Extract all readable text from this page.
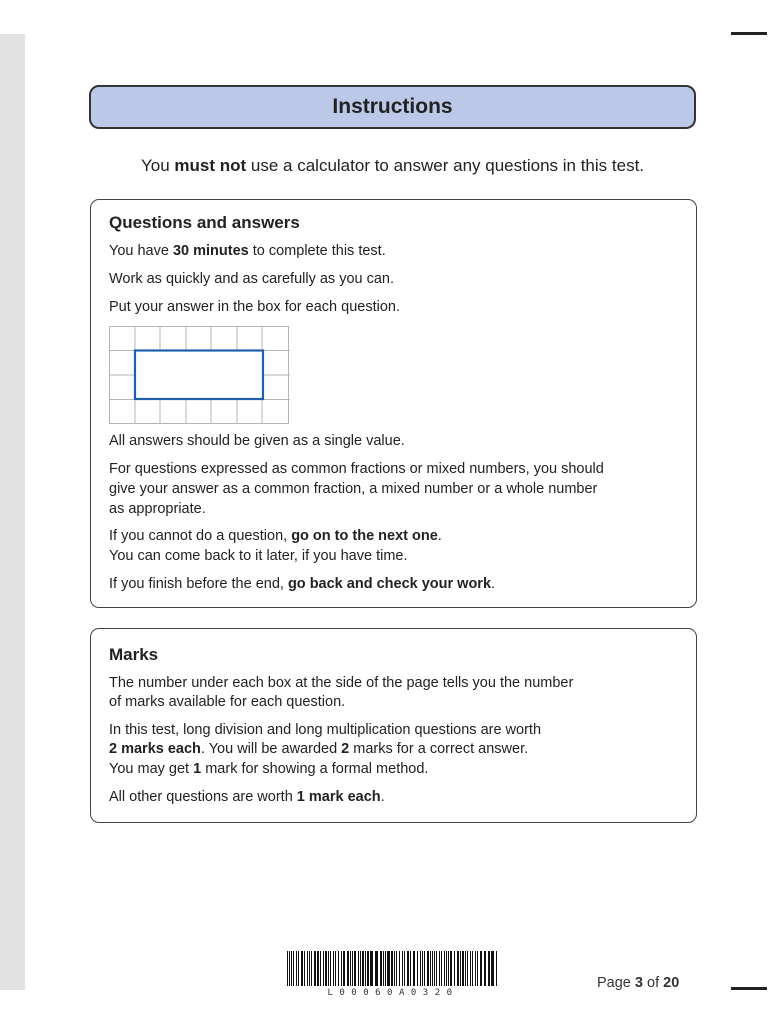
Instructions
You must not use a calculator to answer any questions in this test.
Questions and answers
You have 30 minutes to complete this test.
Work as quickly and as carefully as you can.
Put your answer in the box for each question.
All answers should be given as a single value.
For questions expressed as common fractions or mixed numbers, you should
give your answer as a common fraction, a mixed number or a whole number
as appropriate.
If you cannot do a question, go on to the next one.
You can come back to it later, if you have time.
If you finish before the end, go back and check your work.
Marks
The number under each box at the side of the page tells you the number
of marks available for each question.
In this test, long division and long multiplication questions are worth
2 marks each. You will be awarded 2 marks for a correct answer.
You may get 1 mark for showing a formal method.
All other questions are worth 1 mark each.
L00060A0320
Page 3 of 20
